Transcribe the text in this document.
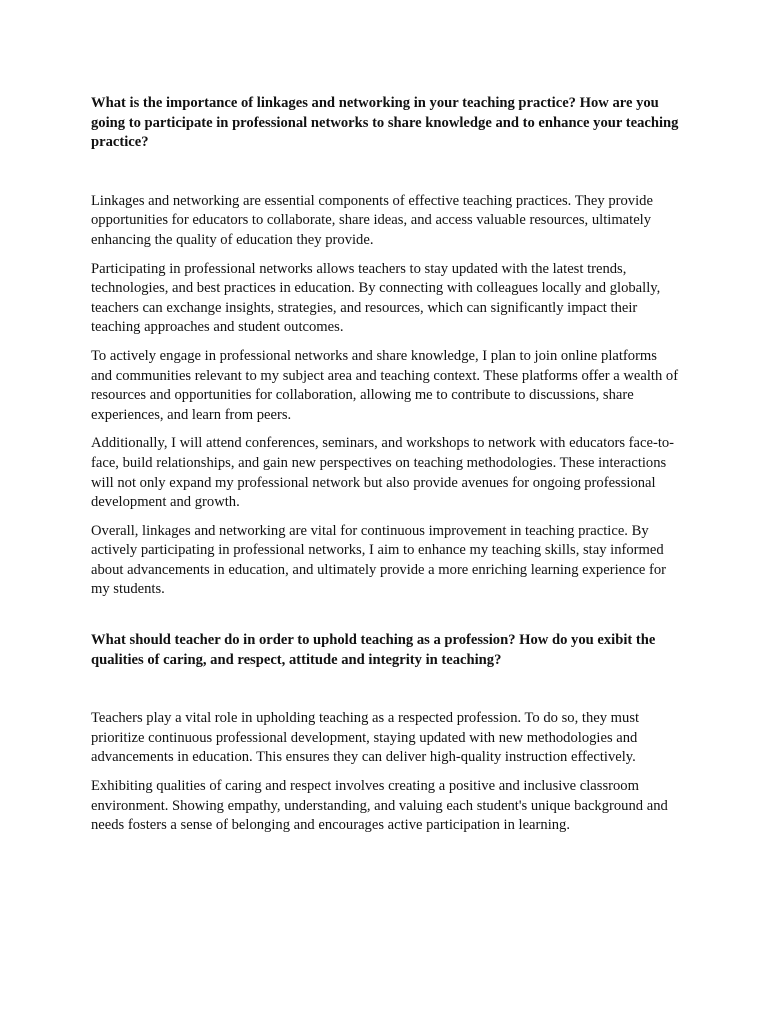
What is the importance of linkages and networking in your teaching practice? How are you going to participate in professional networks to share knowledge and to enhance your teaching practice?

Linkages and networking are essential components of effective teaching practices. They provide opportunities for educators to collaborate, share ideas, and access valuable resources, ultimately enhancing the quality of education they provide.

Participating in professional networks allows teachers to stay updated with the latest trends, technologies, and best practices in education. By connecting with colleagues locally and globally, teachers can exchange insights, strategies, and resources, which can significantly impact their teaching approaches and student outcomes.

To actively engage in professional networks and share knowledge, I plan to join online platforms and communities relevant to my subject area and teaching context. These platforms offer a wealth of resources and opportunities for collaboration, allowing me to contribute to discussions, share experiences, and learn from peers.

Additionally, I will attend conferences, seminars, and workshops to network with educators face-to-face, build relationships, and gain new perspectives on teaching methodologies. These interactions will not only expand my professional network but also provide avenues for ongoing professional development and growth.

Overall, linkages and networking are vital for continuous improvement in teaching practice. By actively participating in professional networks, I aim to enhance my teaching skills, stay informed about advancements in education, and ultimately provide a more enriching learning experience for my students.

What should teacher do in order to uphold teaching as a profession? How do you exibit the qualities of caring, and respect, attitude and integrity in teaching?

Teachers play a vital role in upholding teaching as a respected profession. To do so, they must prioritize continuous professional development, staying updated with new methodologies and advancements in education. This ensures they can deliver high-quality instruction effectively.

Exhibiting qualities of caring and respect involves creating a positive and inclusive classroom environment. Showing empathy, understanding, and valuing each student's unique background and needs fosters a sense of belonging and encourages active participation in learning.
